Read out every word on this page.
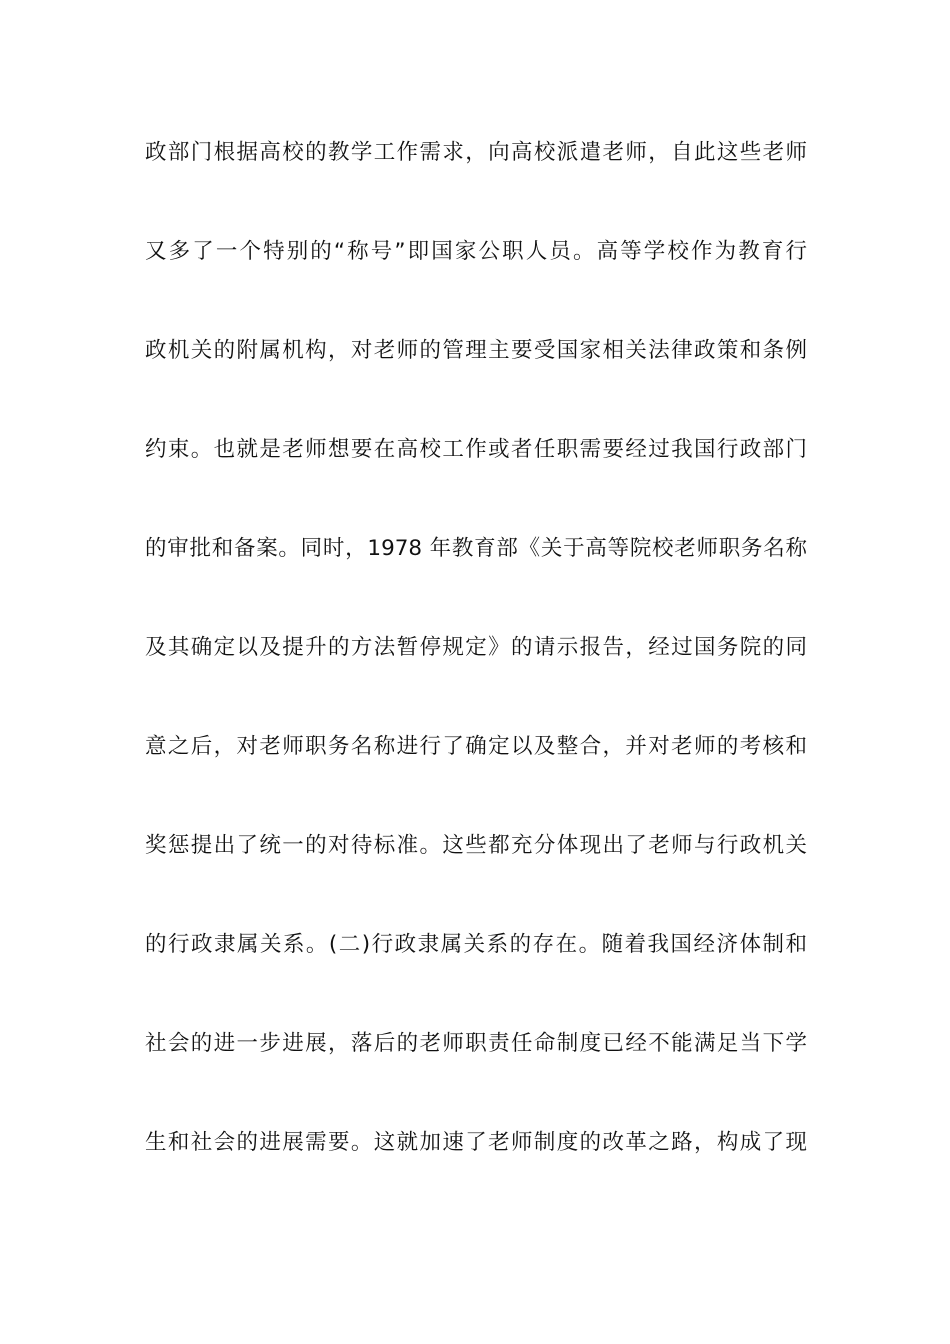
政部门根据高校的教学工作需求，向高校派遣老师，自此这些老师
又多了一个特别的“称号”即国家公职人员。高等学校作为教育行
政机关的附属机构，对老师的管理主要受国家相关法律政策和条例
约束。也就是老师想要在高校工作或者任职需要经过我国行政部门
的审批和备案。同时，1978 年教育部《关于高等院校老师职务名称
及其确定以及提升的方法暂停规定》的请示报告，经过国务院的同
意之后，对老师职务名称进行了确定以及整合，并对老师的考核和
奖惩提出了统一的对待标准。这些都充分体现出了老师与行政机关
的行政隶属关系。(二)行政隶属关系的存在。随着我国经济体制和
社会的进一步进展，落后的老师职责任命制度已经不能满足当下学
生和社会的进展需要。这就加速了老师制度的改革之路，构成了现
